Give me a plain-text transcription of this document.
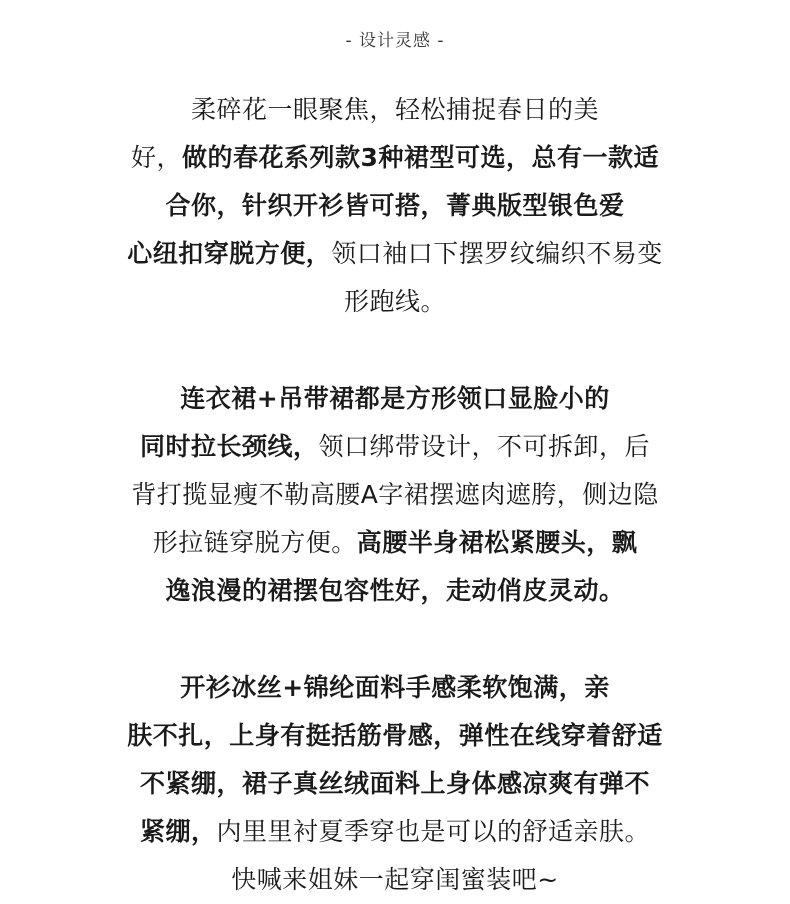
- 设计灵感 -
柔碎花一眼聚焦，轻松捕捉春日的美
好，做的春花系列款3种裙型可选，总有一款适
合你，针织开衫皆可搭，菁典版型银色爱
心纽扣穿脱方便，领口袖口下摆罗纹编织不易变
形跑线。
连衣裙+吊带裙都是方形领口显脸小的
同时拉长颈线，领口绑带设计，不可拆卸，后
背打揽显瘦不勒高腰A字裙摆遮肉遮胯，侧边隐
形拉链穿脱方便。高腰半身裙松紧腰头，飘
逸浪漫的裙摆包容性好，走动俏皮灵动。
开衫冰丝+锦纶面料手感柔软饱满，亲
肤不扎，上身有挺括筋骨感，弹性在线穿着舒适
不紧绷，裙子真丝绒面料上身体感凉爽有弹不
紧绷，内里里衬夏季穿也是可以的舒适亲肤。
快喊来姐妹一起穿闺蜜装吧~
